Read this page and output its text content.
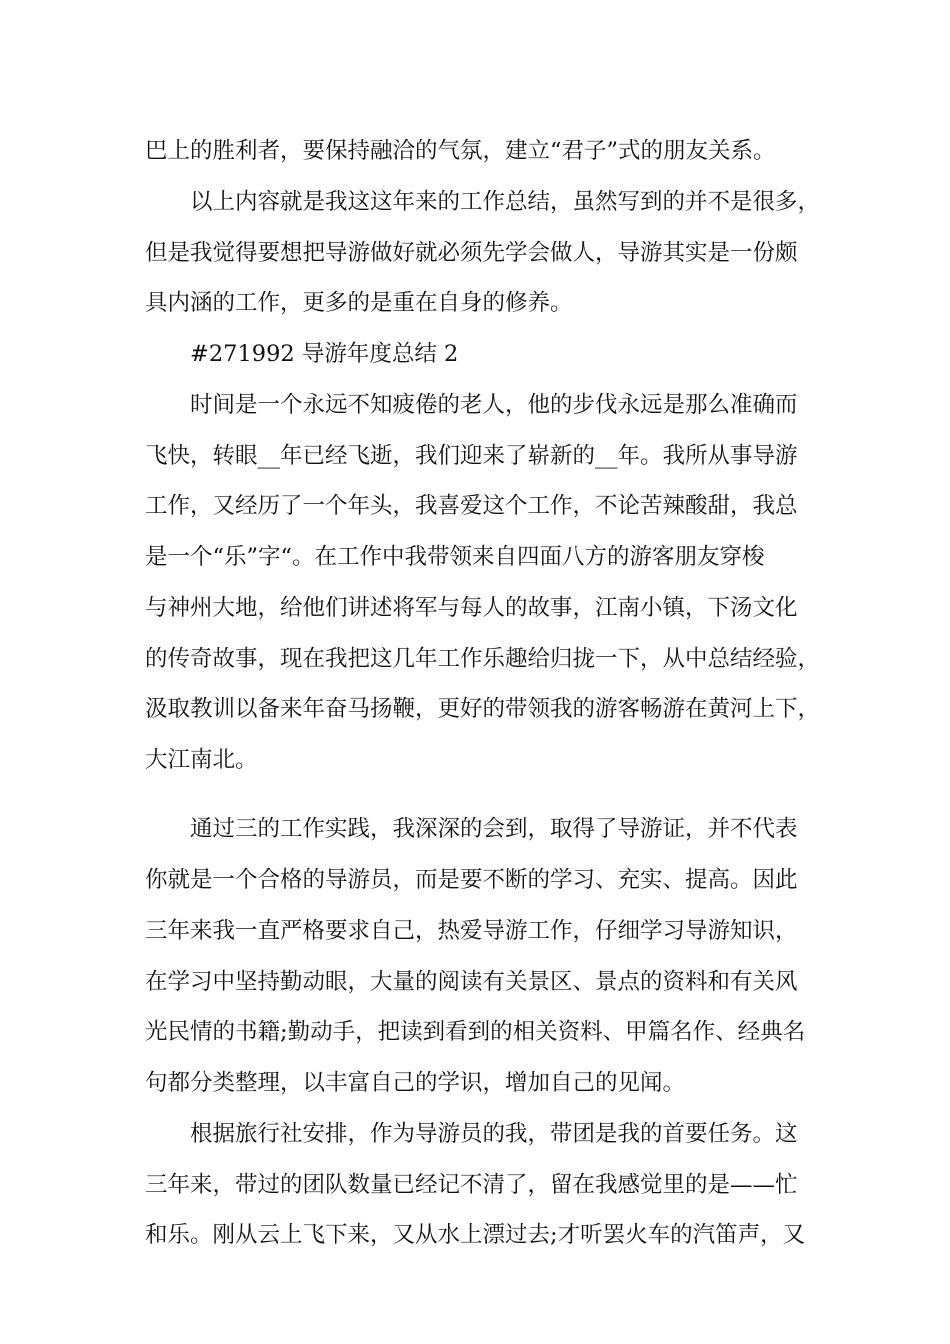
巴上的胜利者，要保持融洽的气氛，建立“君子”式的朋友关系。
以上内容就是我这这年来的工作总结，虽然写到的并不是很多，
但是我觉得要想把导游做好就必须先学会做人，导游其实是一份颇
具内涵的工作，更多的是重在自身的修养。
#271992 导游年度总结 2
时间是一个永远不知疲倦的老人，他的步伐永远是那么准确而
飞快，转眼__年已经飞逝，我们迎来了崭新的__年。我所从事导游
工作，又经历了一个年头，我喜爱这个工作，不论苦辣酸甜，我总
是一个“乐”字“。在工作中我带领来自四面八方的游客朋友穿梭
与神州大地，给他们讲述将军与每人的故事，江南小镇，下汤文化
的传奇故事，现在我把这几年工作乐趣给归拢一下，从中总结经验，
汲取教训以备来年奋马扬鞭，更好的带领我的游客畅游在黄河上下，
大江南北。
通过三的工作实践，我深深的会到，取得了导游证，并不代表
你就是一个合格的导游员，而是要不断的学习、充实、提高。因此
三年来我一直严格要求自己，热爱导游工作，仔细学习导游知识，
在学习中坚持勤动眼，大量的阅读有关景区、景点的资料和有关风
光民情的书籍;勤动手，把读到看到的相关资料、甲篇名作、经典名
句都分类整理，以丰富自己的学识，增加自己的见闻。
根据旅行社安排，作为导游员的我，带团是我的首要任务。这
三年来，带过的团队数量已经记不清了，留在我感觉里的是——忙
和乐。刚从云上飞下来，又从水上漂过去;才听罢火车的汽笛声，又
